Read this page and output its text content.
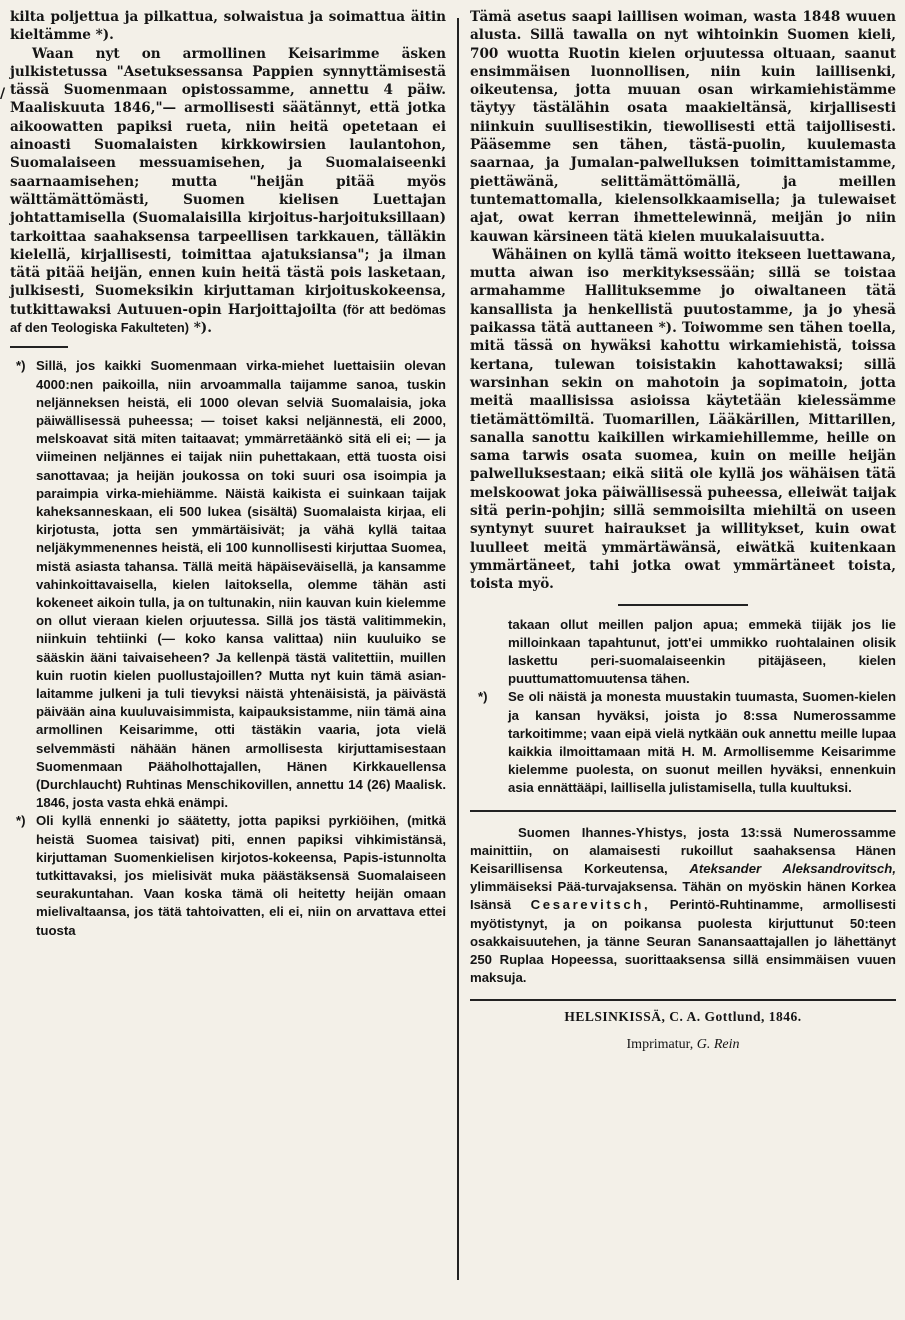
kilta poljettua ja pilkattua, solwaistua ja soimattua äitin kieltämme *).

Waan nyt on armollinen Keisarimme äsken julkistetussa "Asetuksessansa Pappien synnyttämisestä tässä Suomenmaan opistossamme, annettu 4 päiw. Maaliskuuta 1846,"— armollisesti säätännyt, että jotka aikoowatten papiksi rueta, niin heitä opetetaan ei ainoasti Suomalaisten kirkkowirsien laulantohon, Suomalaiseen messuamisehen, ja Suomalaiseenki saarnaamisehen; mutta "heijän pitää myös wälttämättömästi, Suomen kielisen Luettajan johtattamisella (Suomalaisilla kirjoitus-harjoituksillaan) tarkoittaa saahaksensa tarpeellisen tarkkauen, tälläkin kielellä, kirjallisesti, toimittaa ajatuksiansa"; ja ilman tätä pitää heijän, ennen kuin heitä tästä pois lasketaan, julkisesti, Suomeksikin kirjuttaman kirjoituskokeensa, tutkittawaksi Autuuen-opin Harjoittajoilta (för att bedömas af den Teologiska Fakulteten) *).

*) Sillä, jos kaikki Suomenmaan virka-miehet luettaisiin olevan 4000:nen paikoilla, niin arvoammalla taijamme sanoa, tuskin neljänneksen heistä, eli 1000 olevan selviä Suomalaisia, joka päiwällisessä puheessa; — toiset kaksi neljännestä, eli 2000, melskoavat sitä miten taitaavat; ymmärretäänkö sitä eli ei; — ja viimeinen neljännes ei taijak niin puhettakaan, että tuosta oisi sanottavaa; ja heijän joukossa on toki suuri osa isoimpia ja paraimpia virka-miehiämme. Näistä kaikista ei suinkaan taijak kaheksanneskaan, eli 500 lukea (sisältä) Suomalaista kirjaa, eli kirjotusta, jotta sen ymmärtäisivät; ja vähä kyllä taitaa neljäkymmenennes heistä, eli 100 kunnollisesti kirjuttaa Suomea, mistä asiasta tahansa. Tällä meitä häpäiseväisellä, ja kansamme vahinkoittavaisella, kielen laitoksella, olemme tähän asti kokeneet aikoin tulla, ja on tultunakin, niin kauvan kuin kielemme on ollut vieraan kielen orjuutessa. Sillä jos tästä valitimmekin, niinkuin tehtiinki (— koko kansa valittaa) niin kuuluiko se sääskin ääni taivaiseheen? Ja kellenpä tästä valitettiin, muillen kuin ruotin kielen puollustajoillen? Mutta nyt kuin tämä asian-laitamme julkeni ja tuli tievyksi näistä yhtenäisistä, ja päivästä päivään aina kuuluvaisimmista, kaipauksistamme, niin tämä aina armollinen Keisarimme, otti tästäkin vaaria, jota vielä selvemmästi nähään hänen armollisesta kirjuttamisestaan Suomenmaan Pääholhottajallen, Hänen Kirkkauellensa (Durchlaucht) Ruhtinas Menschikovillen, annettu 14 (26) Maalisk. 1846, josta vasta ehkä enämpi.

*) Oli kyllä ennenki jo säätetty, jotta papiksi pyrkiöihen, (mitkä heistä Suomea taisivat) piti, ennen papiksi vihkimistänsä, kirjuttaman Suomenkielisen kirjotos-kokeensa, Papis-istunnolta tutkittavaksi, jos mielisivät muka päästäksensä Suomalaiseen seurakuntahan. Vaan koska tämä oli heitetty heijän omaan mielivaltaansa, jos tätä tahtoivatten, eli ei, niin on arvattava ettei tuosta

Tämä asetus saapi laillisen woiman, wasta 1848 wuuen alusta. Sillä tawalla on nyt wihtoinkin Suomen kieli, 700 wuotta Ruotin kielen orjuutessa oltuaan, saanut ensimmäisen luonnollisen, niin kuin laillisenki, oikeutensa, jotta muuan osan wirkamiehistämme täytyy tästälähin osata maakieltänsä, kirjallisesti niinkuin suullisestikin, tiewollisesti että taijollisesti. Pääsemme sen tähen, tästä-puolin, kuulemasta saarnaa, ja Jumalan-palwelluksen toimittamistamme, piettäwänä, selittämättömällä, ja meillen tuntemattomalla, kielensolkkaamisella; ja tulewaiset ajat, owat kerran ihmettelewinnä, meijän jo niin kauwan kärsineen tätä kielen muukalaisuutta.

Wähäinen on kyllä tämä woitto itekseen luettawana, mutta aiwan iso merkityksessään; sillä se toistaa armahamme Hallituksemme jo oiwaltaneen tätä kansallista ja henkellistä puutostamme, ja jo yhesä paikassa tätä auttaneen *). Toiwomme sen tähen toella, mitä tässä on hywäksi kahottu wirkamiehistä, toissa kertana, tulewan toisistakin kahottawaksi; sillä warsinhan sekin on mahotoin ja sopimatoin, jotta meitä maallisissa asioissa käytetään kielessämme tietämättömiltä. Tuomarillen, Lääkärillen, Mittarillen, sanalla sanottu kaikillen wirkamiehillemme, heille on sama tarwis osata suomea, kuin on meille heijän palwelluksestaan; eikä siitä ole kyllä jos wähäisen tätä melskoowat joka päiwällisessä puheessa, elleiwät taijak sitä perin-pohjin; sillä semmoisilta miehiltä on useen syntynyt suuret hairaukset ja willitykset, kuin owat luulleet meitä ymmärtäwänsä, eiwätkä kuitenkaan ymmärtäneet, tahi jotka owat ymmärtäneet toista, toista myö.

takaan ollut meillen paljon apua; emmekä tiijäk jos lie milloinkaan tapahtunut, jott'ei ummikko ruohtalainen olisik laskettu peri-suomalaiseenkin pitäjäseen, kielen puuttumattomuutensa tähen.

*) Se oli näistä ja monesta muustakin tuumasta, Suomen-kielen ja kansan hyväksi, joista jo 8:ssa Numerossamme tarkoitimme; vaan eipä vielä nytkään ouk annettu meille lupaa kaikkia ilmoittamaan mitä H. M. Armollisemme Keisarimme kielemme puolesta, on suonut meillen hyväksi, ennenkuin asia ennättääpi, laillisella julistamisella, tulla kuultuksi.

Suomen Ihannes-Yhistys, josta 13:ssä Numerossamme mainittiin, on alamaisesti rukoillut saahaksensa Hänen Keisarillisensa Korkeutensa, Ateksander Aleksandrovitsch, ylimmäiseksi Pää-turvajaksensa. Tähän on myöskin hänen Korkea Isänsä Cesarevitsch, Perintö-Ruhtinamme, armollisesti myötistynyt, ja on poikansa puolesta kirjuttunut 50:teen osakkaisuutehen, ja tänne Seuran Sanansaattajallen jo lähettänyt 250 Ruplaa Hopeessa, suorittaaksensa sillä ensimmäisen vuuen maksuja.

HELSINKISSÄ, C. A. Gottlund, 1846.
Imprimatur, G. Rein
/
